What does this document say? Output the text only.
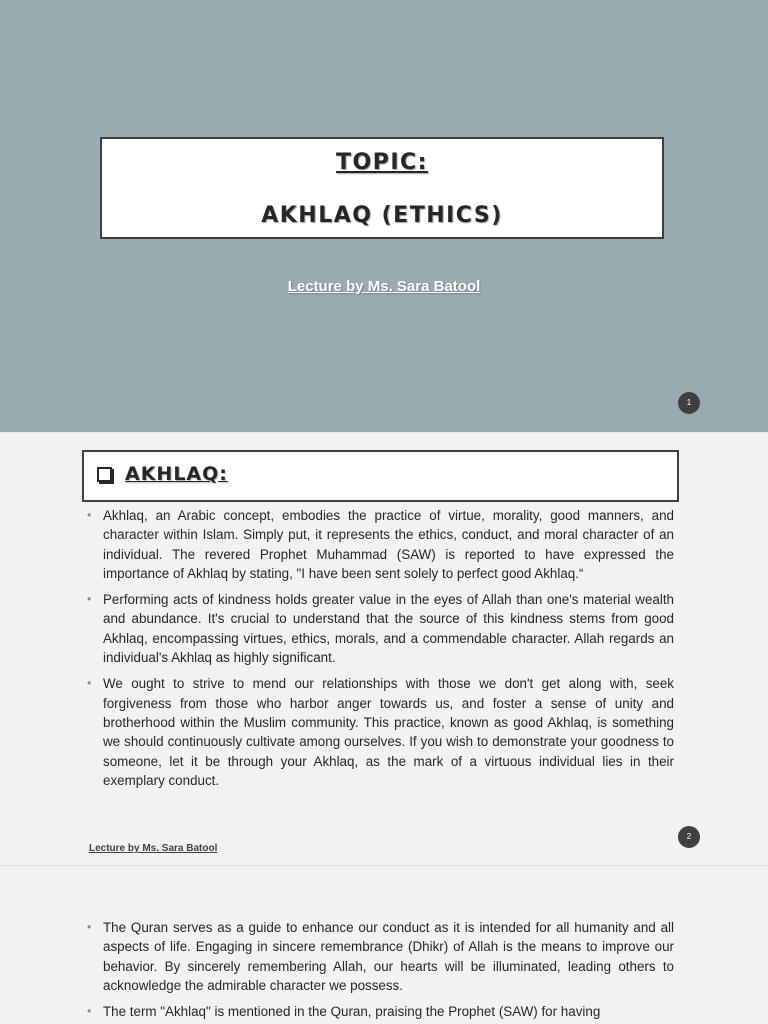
TOPIC:
AKHLAQ (ETHICS)
Lecture by Ms. Sara Batool
1
AKHLAQ:
• Akhlaq, an Arabic concept, embodies the practice of virtue, morality, good manners, and character within Islam. Simply put, it represents the ethics, conduct, and moral character of an individual. The revered Prophet Muhammad (SAW) is reported to have expressed the importance of Akhlaq by stating, "I have been sent solely to perfect good Akhlaq.“
• Performing acts of kindness holds greater value in the eyes of Allah than one's material wealth and abundance. It's crucial to understand that the source of this kindness stems from good Akhlaq, encompassing virtues, ethics, morals, and a commendable character. Allah regards an individual's Akhlaq as highly significant.
• We ought to strive to mend our relationships with those we don't get along with, seek forgiveness from those who harbor anger towards us, and foster a sense of unity and brotherhood within the Muslim community. This practice, known as good Akhlaq, is something we should continuously cultivate among ourselves. If you wish to demonstrate your goodness to someone, let it be through your Akhlaq, as the mark of a virtuous individual lies in their exemplary conduct.
Lecture by Ms. Sara Batool
2
• The Quran serves as a guide to enhance our conduct as it is intended for all humanity and all aspects of life. Engaging in sincere remembrance (Dhikr) of Allah is the means to improve our behavior. By sincerely remembering Allah, our hearts will be illuminated, leading others to acknowledge the admirable character we possess.
• The term "Akhlaq" is mentioned in the Quran, praising the Prophet (SAW) for having
